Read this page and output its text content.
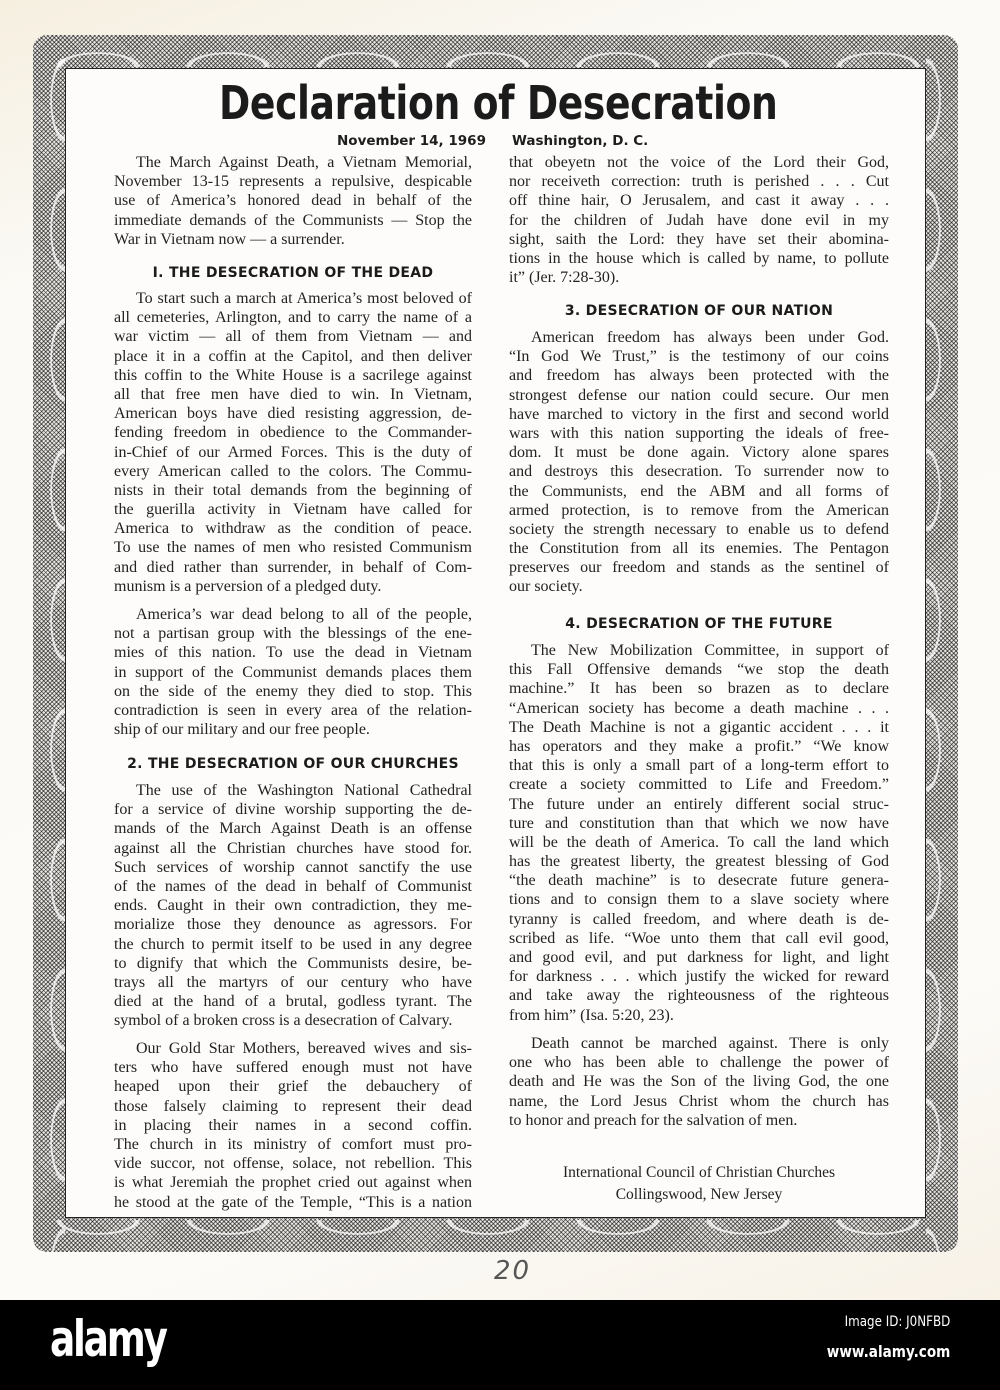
Declaration of Desecration
November 14, 1969 Washington, D. C.
The March Against Death, a Vietnam Memorial,
November 13-15 represents a repulsive, despicable
use of America’s honored dead in behalf of the
immediate demands of the Communists — Stop the
War in Vietnam now — a surrender.
I. THE DESECRATION OF THE DEAD
To start such a march at America’s most beloved of
all cemeteries, Arlington, and to carry the name of a
war victim — all of them from Vietnam — and
place it in a coffin at the Capitol, and then deliver
this coffin to the White House is a sacrilege against
all that free men have died to win. In Vietnam,
American boys have died resisting aggression, de-
fending freedom in obedience to the Commander-
in-Chief of our Armed Forces. This is the duty of
every American called to the colors. The Commu-
nists in their total demands from the beginning of
the guerilla activity in Vietnam have called for
America to withdraw as the condition of peace.
To use the names of men who resisted Communism
and died rather than surrender, in behalf of Com-
munism is a perversion of a pledged duty.
America’s war dead belong to all of the people,
not a partisan group with the blessings of the ene-
mies of this nation. To use the dead in Vietnam
in support of the Communist demands places them
on the side of the enemy they died to stop. This
contradiction is seen in every area of the relation-
ship of our military and our free people.
2. THE DESECRATION OF OUR CHURCHES
The use of the Washington National Cathedral
for a service of divine worship supporting the de-
mands of the March Against Death is an offense
against all the Christian churches have stood for.
Such services of worship cannot sanctify the use
of the names of the dead in behalf of Communist
ends. Caught in their own contradiction, they me-
morialize those they denounce as agressors. For
the church to permit itself to be used in any degree
to dignify that which the Communists desire, be-
trays all the martyrs of our century who have
died at the hand of a brutal, godless tyrant. The
symbol of a broken cross is a desecration of Calvary.
Our Gold Star Mothers, bereaved wives and sis-
ters who have suffered enough must not have
heaped upon their grief the debauchery of
those falsely claiming to represent their dead
in placing their names in a second coffin.
The church in its ministry of comfort must pro-
vide succor, not offense, solace, not rebellion. This
is what Jeremiah the prophet cried out against when
he stood at the gate of the Temple, “This is a nation
that obeyetn not the voice of the Lord their God,
nor receiveth correction: truth is perished . . . Cut
off thine hair, O Jerusalem, and cast it away . . .
for the children of Judah have done evil in my
sight, saith the Lord: they have set their abomina-
tions in the house which is called by name, to pollute
it” (Jer. 7:28-30).
3. DESECRATION OF OUR NATION
American freedom has always been under God.
“In God We Trust,” is the testimony of our coins
and freedom has always been protected with the
strongest defense our nation could secure. Our men
have marched to victory in the first and second world
wars with this nation supporting the ideals of free-
dom. It must be done again. Victory alone spares
and destroys this desecration. To surrender now to
the Communists, end the ABM and all forms of
armed protection, is to remove from the American
society the strength necessary to enable us to defend
the Constitution from all its enemies. The Pentagon
preserves our freedom and stands as the sentinel of
our society.
4. DESECRATION OF THE FUTURE
The New Mobilization Committee, in support of
this Fall Offensive demands “we stop the death
machine.” It has been so brazen as to declare
“American society has become a death machine . . .
The Death Machine is not a gigantic accident . . . it
has operators and they make a profit.” “We know
that this is only a small part of a long-term effort to
create a society committed to Life and Freedom.”
The future under an entirely different social struc-
ture and constitution than that which we now have
will be the death of America. To call the land which
has the greatest liberty, the greatest blessing of God
“the death machine” is to desecrate future genera-
tions and to consign them to a slave society where
tyranny is called freedom, and where death is de-
scribed as life. “Woe unto them that call evil good,
and good evil, and put darkness for light, and light
for darkness . . . which justify the wicked for reward
and take away the righteousness of the righteous
from him” (Isa. 5:20, 23).
Death cannot be marched against. There is only
one who has been able to challenge the power of
death and He was the Son of the living God, the one
name, the Lord Jesus Christ whom the church has
to honor and preach for the salvation of men.
International Council of Christian Churches
Collingswood, New Jersey
20
alamy	Image ID: J0NFBD
www.alamy.com
